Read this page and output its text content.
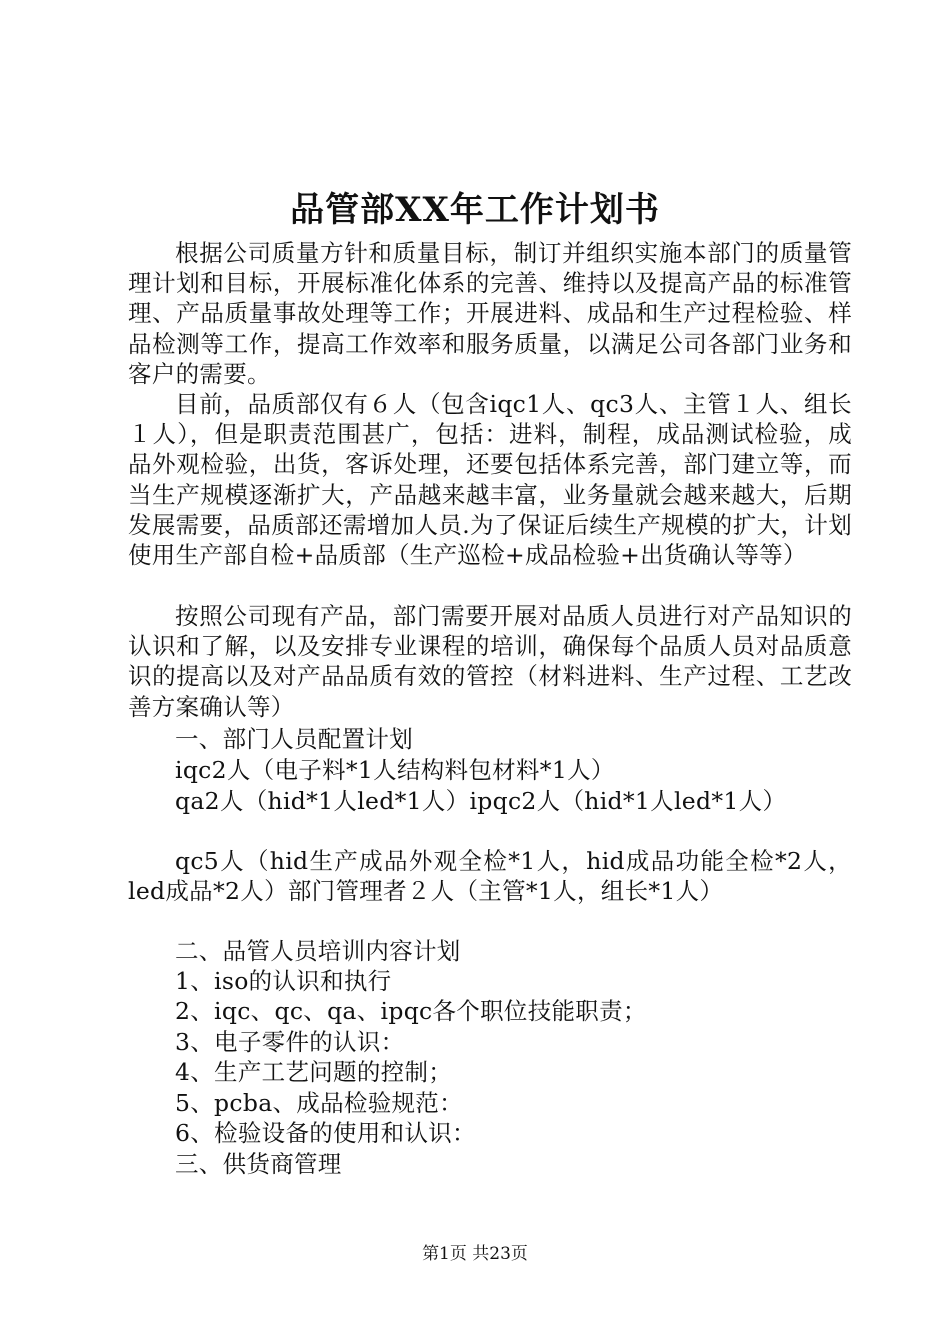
品管部XX年工作计划书

根据公司质量方针和质量目标，制订并组织实施本部门的质量管理计划和目标，开展标准化体系的完善、维持以及提高产品的标准管理、产品质量事故处理等工作；开展进料、成品和生产过程检验、样品检测等工作，提高工作效率和服务质量，以满足公司各部门业务和客户的需要。

目前，品质部仅有６人（包含iqc1人、qc3人、主管１人、组长１人），但是职责范围甚广，包括：进料，制程，成品测试检验，成品外观检验，出货，客诉处理，还要包括体系完善，部门建立等，而当生产规模逐渐扩大，产品越来越丰富，业务量就会越来越大，后期发展需要，品质部还需增加人员.为了保证后续生产规模的扩大，计划使用生产部自检+品质部（生产巡检+成品检验+出货确认等等）

按照公司现有产品，部门需要开展对品质人员进行对产品知识的认识和了解，以及安排专业课程的培训，确保每个品质人员对品质意识的提高以及对产品品质有效的管控（材料进料、生产过程、工艺改善方案确认等）

一、部门人员配置计划
iqc2人（电子料*1人结构料包材料*1人）
qa2人（hid*1人led*1人）ipqc2人（hid*1人led*1人）

qc5人（hid生产成品外观全检*1人，hid成品功能全检*2人，led成品*2人）部门管理者２人（主管*1人，组长*1人）

二、品管人员培训内容计划
1、iso的认识和执行
2、iqc、qc、qa、ipqc各个职位技能职责；
3、电子零件的认识：
4、生产工艺问题的控制；
5、pcba、成品检验规范：
6、检验设备的使用和认识：
三、供货商管理
第1页 共23页
